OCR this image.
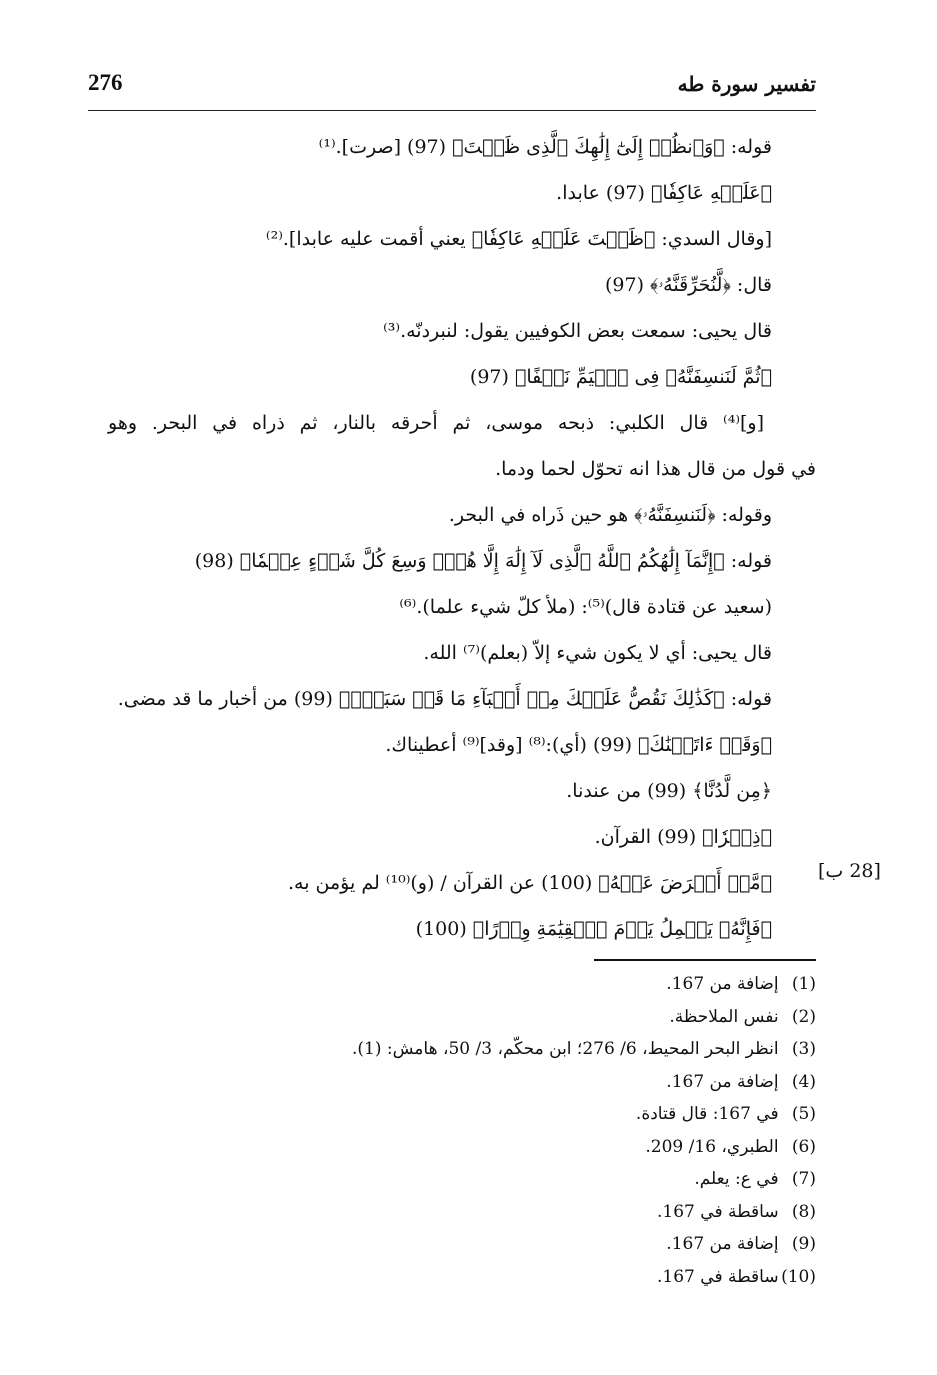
276	تفسير سورة طه
قوله: ﴿وَٱنظُرۡ إِلَىٰٓ إِلَٰهِكَ ٱلَّذِى ظَلۡتَ﴾ (97) [صرت].⁽¹⁾
﴿عَلَيۡهِ عَاكِفٗا﴾ (97) عابدا.
[وقال السدي: ﴿ظَلۡتَ عَلَيۡهِ عَاكِفٗا﴾ يعني أقمت عليه عابدا].⁽²⁾
قال: ﴿لَّنُحَرِّقَنَّهُۥ﴾ (97)
قال يحيى: سمعت بعض الكوفيين يقول: لنبردنّه.⁽³⁾
﴿ثُمَّ لَنَنسِفَنَّهُۥ فِى ٱلۡيَمِّ نَسۡفًا﴾ (97)
[و]⁽⁴⁾ قال الكلبي: ذبحه موسى، ثم أحرقه بالنار، ثم ذراه في البحر. وهو
في قول من قال هذا انه تحوّل لحما ودما.
وقوله: ﴿لَنَنسِفَنَّهُۥ﴾ هو حين ذَراه في البحر.
قوله: ﴿إِنَّمَآ إِلَٰهُكُمُ ٱللَّهُ ٱلَّذِى لَآ إِلَٰهَ إِلَّا هُوَۚ وَسِعَ كُلَّ شَىۡءٍ عِلۡمٗا﴾ (98)
(سعيد عن قتادة قال)⁽⁵⁾: (ملأ كلّ شيء علما).⁽⁶⁾
قال يحيى: أي لا يكون شيء إلاّ (بعلم)⁽⁷⁾ الله.
قوله: ﴿كَذَٰلِكَ نَقُصُّ عَلَيۡكَ مِنۡ أَنۢبَآءِ مَا قَدۡ سَبَقَۚ﴾ (99) من أخبار ما قد مضى.
﴿وَقَدۡ ءَاتَيۡنَٰكَ﴾ (99) (أي):⁽⁸⁾ [وقد]⁽⁹⁾ أعطيناك.
﴿مِن لَّدُنَّا﴾ (99) من عندنا.
﴿ذِكۡرٗا﴾ (99) القرآن.
﴿مَّنۡ أَعۡرَضَ عَنۡهُ﴾ (100) عن القرآن / (و)⁽¹⁰⁾ لم يؤمن به.
﴿فَإِنَّهُۥ يَحۡمِلُ يَوۡمَ ٱلۡقِيَٰمَةِ وِزۡرًا﴾ (100)
[28 ب]
(1) إضافة من 167.
(2) نفس الملاحظة.
(3) انظر البحر المحيط، 6/ 276؛ ابن محكّم، 3/ 50، هامش: (1).
(4) إضافة من 167.
(5) في 167: قال قتادة.
(6) الطبري، 16/ 209.
(7) في ع: يعلم.
(8) ساقطة في 167.
(9) إضافة من 167.
(10) ساقطة في 167.
